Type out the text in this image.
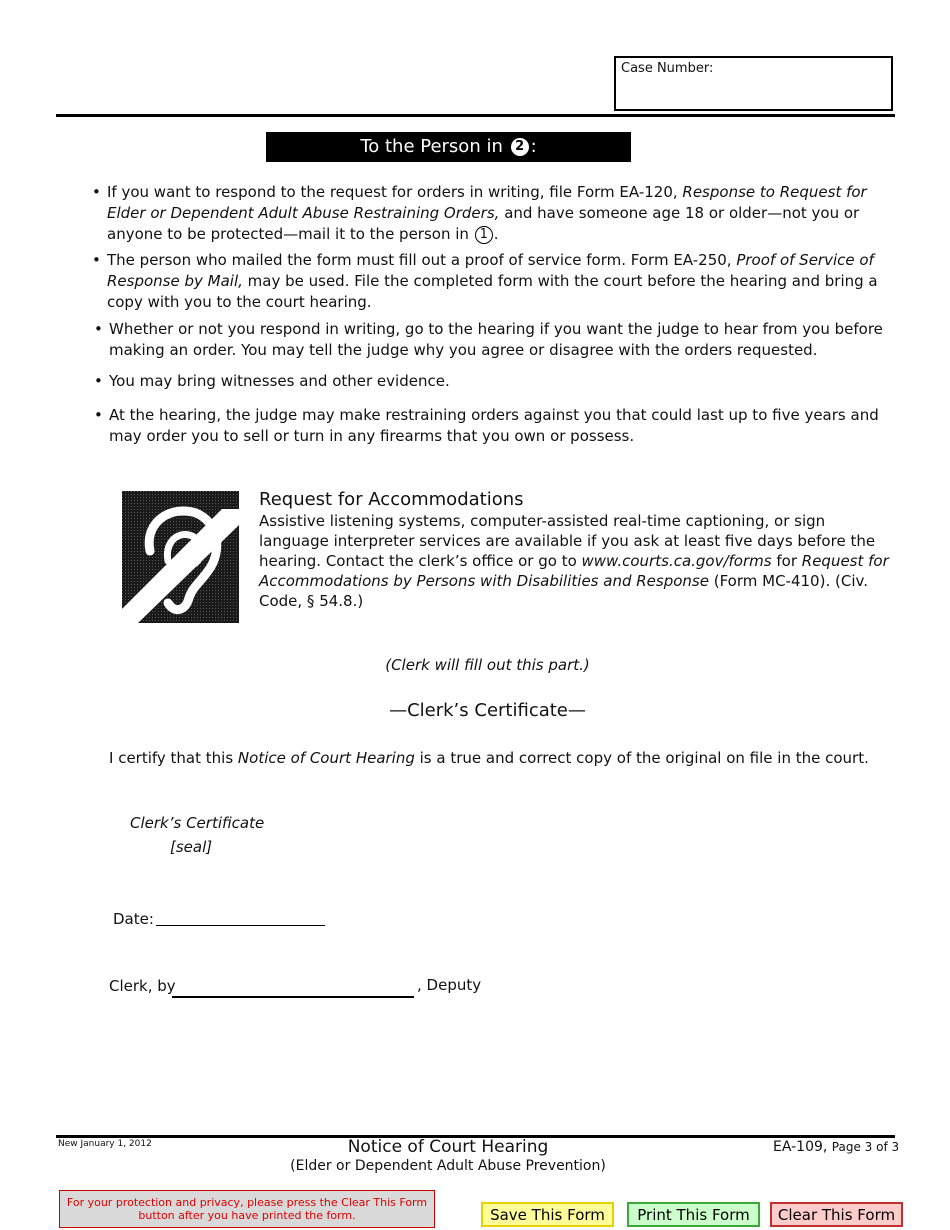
Case Number:
To the Person in 2 :
• If you want to respond to the request for orders in writing, file Form EA-120, Response to Request for Elder or Dependent Adult Abuse Restraining Orders, and have someone age 18 or older—not you or anyone to be protected—mail it to the person in 1 .
• The person who mailed the form must fill out a proof of service form. Form EA-250, Proof of Service of Response by Mail, may be used. File the completed form with the court before the hearing and bring a copy with you to the court hearing.
• Whether or not you respond in writing, go to the hearing if you want the judge to hear from you before making an order. You may tell the judge why you agree or disagree with the orders requested.
• You may bring witnesses and other evidence.
• At the hearing, the judge may make restraining orders against you that could last up to five years and may order you to sell or turn in any firearms that you own or possess.
Request for Accommodations
Assistive listening systems, computer-assisted real-time captioning, or sign language interpreter services are available if you ask at least five days before the hearing. Contact the clerk’s office or go to www.courts.ca.gov/forms for Request for Accommodations by Persons with Disabilities and Response (Form MC-410). (Civ. Code, § 54.8.)
(Clerk will fill out this part.)
—Clerk’s Certificate—
I certify that this Notice of Court Hearing is a true and correct copy of the original on file in the court.
Clerk’s Certificate
[seal]
Date:
Clerk, by	, Deputy
New January 1, 2012	Notice of Court Hearing
(Elder or Dependent Adult Abuse Prevention)
EA-109, Page 3 of 3
For your protection and privacy, please press the Clear This Form button after you have printed the form.	Save This Form	Print This Form	Clear This Form
